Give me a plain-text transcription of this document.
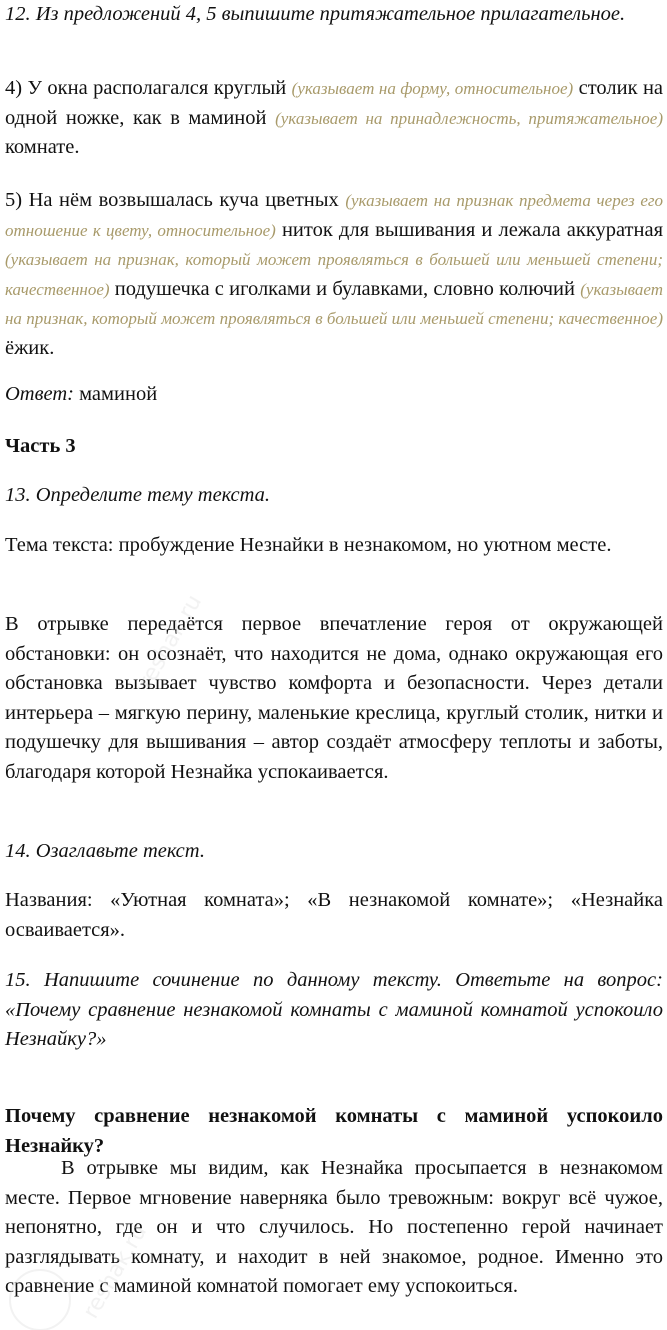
12. Из предложений 4, 5 выпишите притяжательное прилагательное.

4) У окна располагался круглый (указывает на форму, относительное) столик на одной ножке, как в маминой (указывает на принадлежность, притяжательное) комнате.

5) На нём возвышалась куча цветных (указывает на признак предмета через его отношение к цвету, относительное) ниток для вышивания и лежала аккуратная (указывает на признак, который может проявляться в большей или меньшей степени; качественное) подушечка с иголками и булавками, словно колючий (указывает на признак, который может проявляться в большей или меньшей степени; качественное) ёжик.

Ответ: маминой

Часть 3

13. Определите тему текста.

Тема текста: пробуждение Незнайки в незнакомом, но уютном месте.

В отрывке передаётся первое впечатление героя от окружающей обстановки: он осознаёт, что находится не дома, однако окружающая его обстановка вызывает чувство комфорта и безопасности. Через детали интерьера – мягкую перину, маленькие креслица, круглый столик, нитки и подушечку для вышивания – автор создаёт атмосферу теплоты и заботы, благодаря которой Незнайка успокаивается.

14. Озаглавьте текст.

Названия: «Уютная комната»; «В незнакомой комнате»; «Незнайка осваивается».

15. Напишите сочинение по данному тексту. Ответьте на вопрос: «Почему сравнение незнакомой комнаты с маминой комнатой успокоило Незнайку?»

Почему сравнение незнакомой комнаты с маминой успокоило Незнайку?

В отрывке мы видим, как Незнайка просыпается в незнакомом месте. Первое мгновение наверняка было тревожным: вокруг всё чужое, непонятно, где он и что случилось. Но постепенно герой начинает разглядывать комнату, и находит в ней знакомое, родное. Именно это сравнение с маминой комнатой помогает ему успокоиться.

reshak.ru
reshak.ru
